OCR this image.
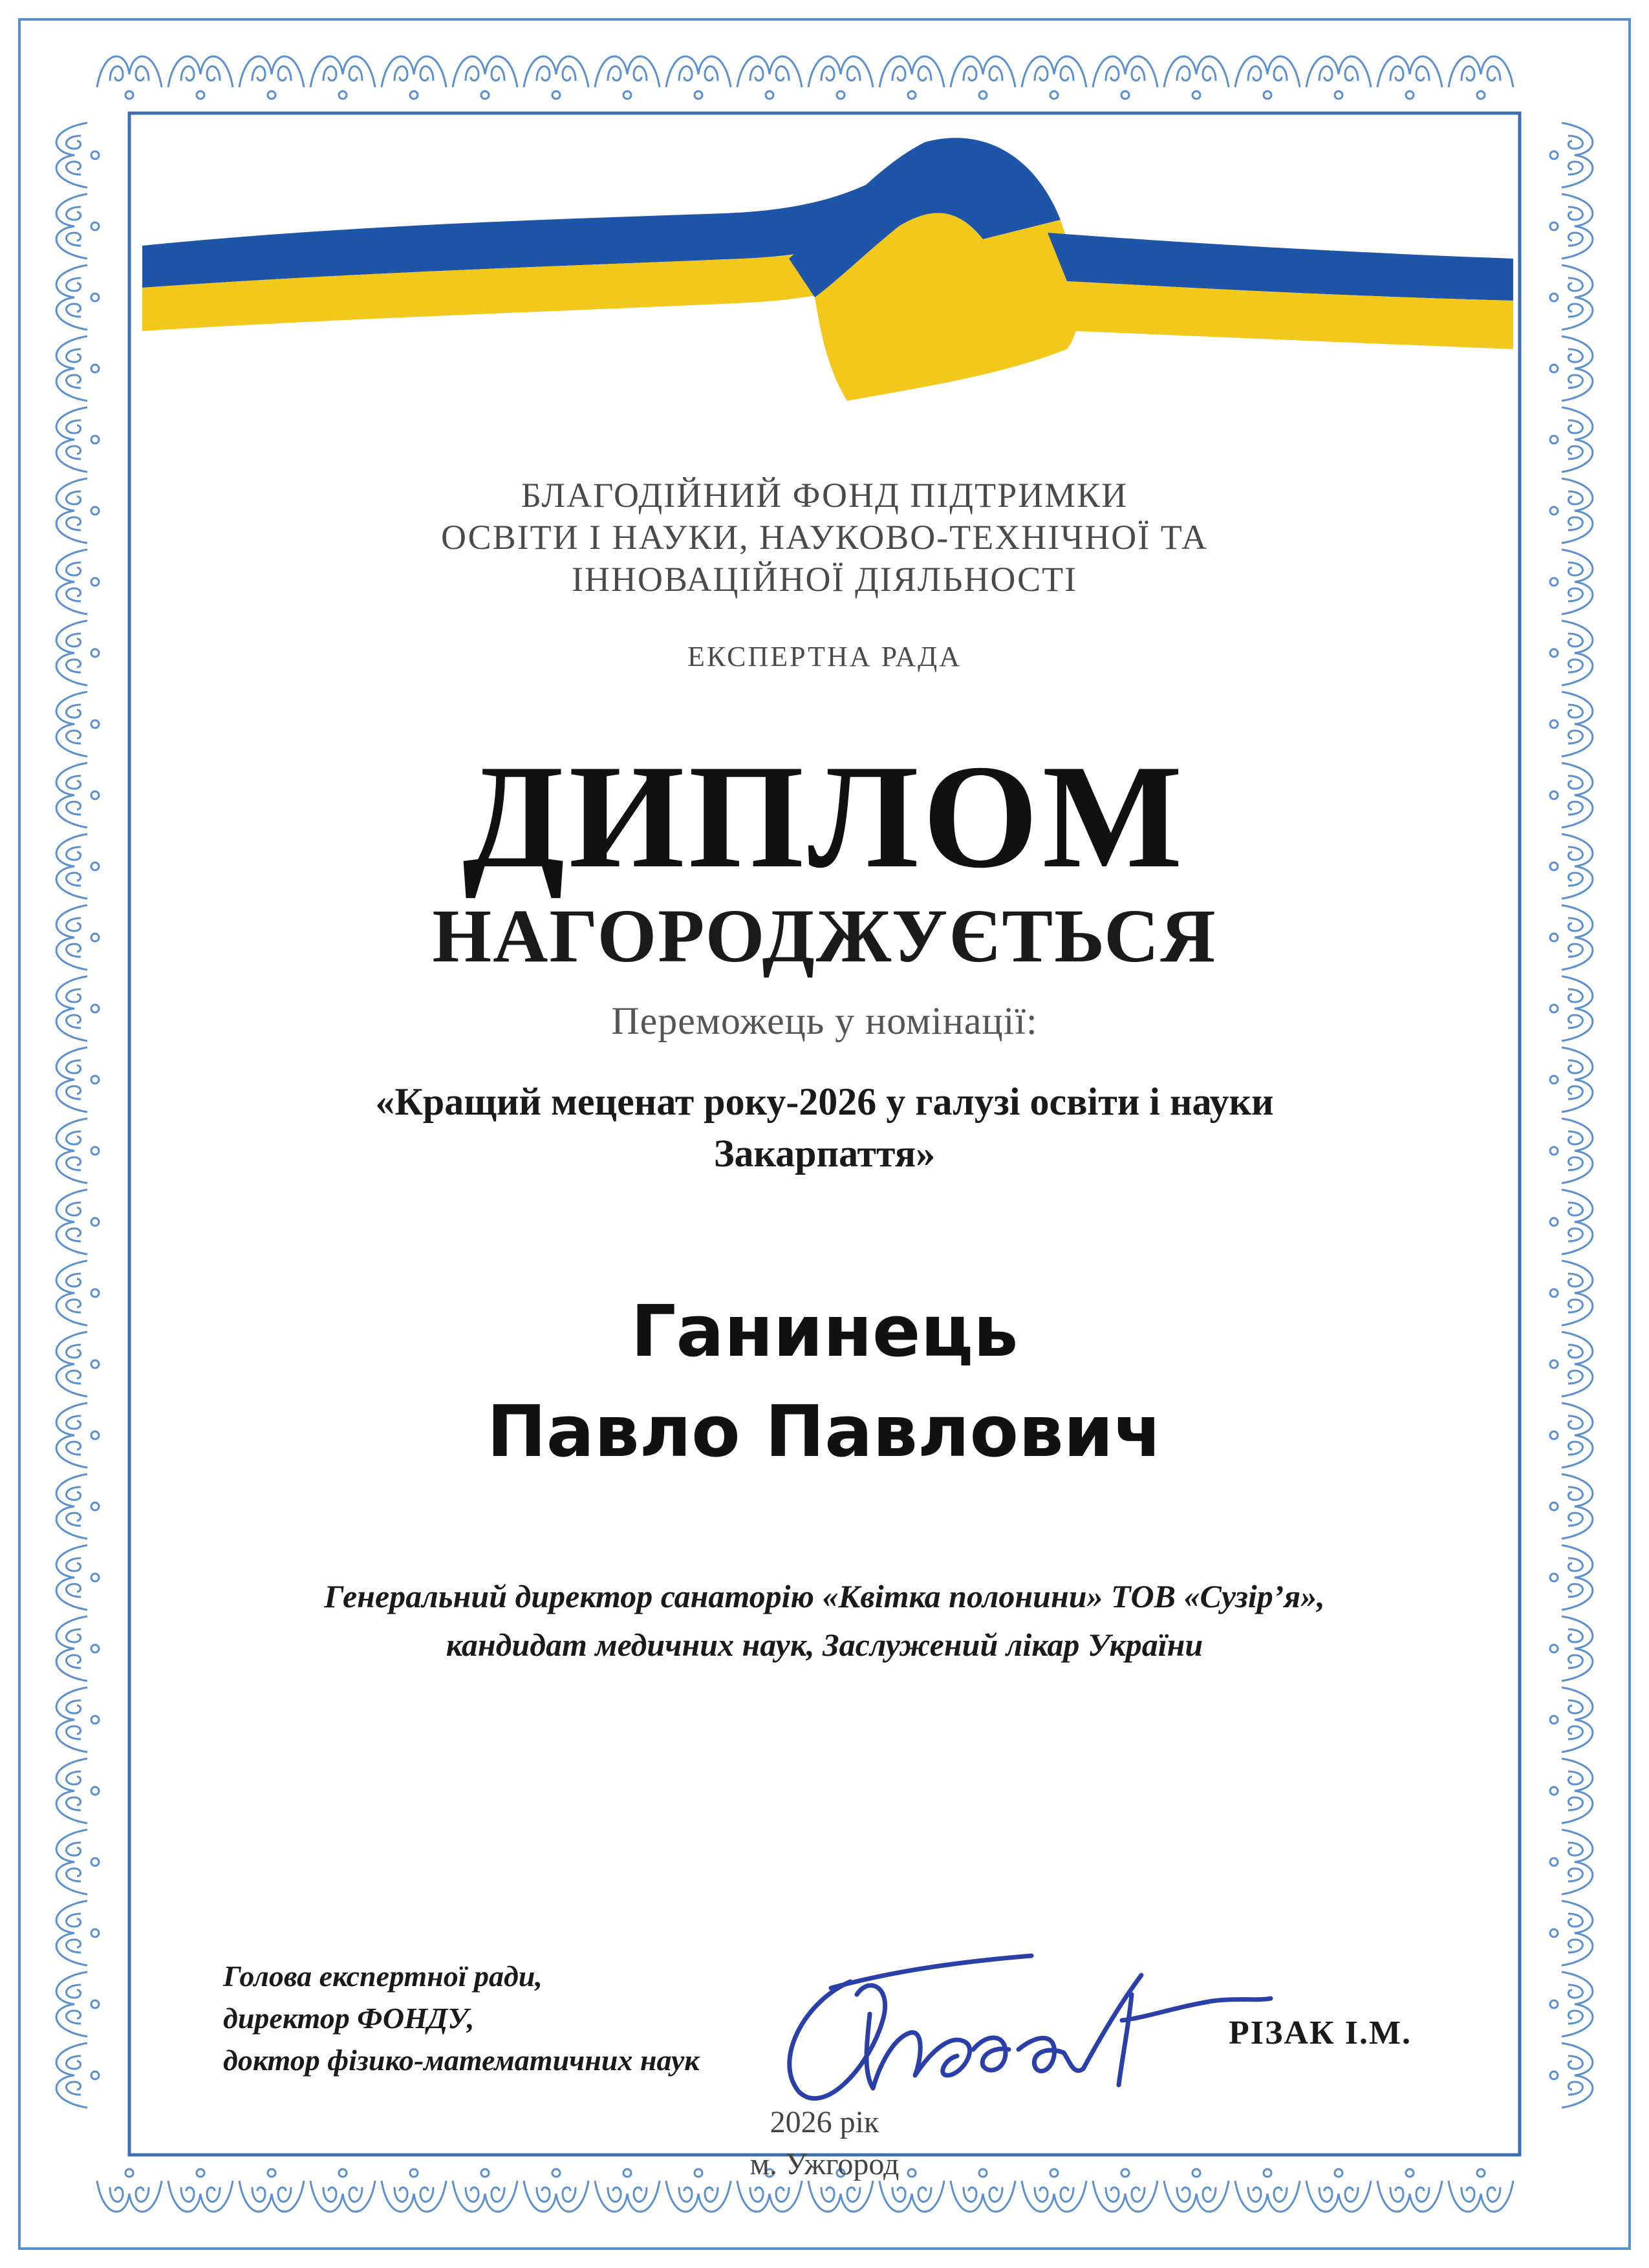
БЛАГОДІЙНИЙ ФОНД ПІДТРИМКИ
ОСВІТИ І НАУКИ, НАУКОВО-ТЕХНІЧНОЇ ТА
ІННОВАЦІЙНОЇ ДІЯЛЬНОСТІ
ЕКСПЕРТНА РАДА
ДИПЛОМ
НАГОРОДЖУЄТЬСЯ
Переможець у номінації:
«Кращий меценат року-2026 у галузі освіти і науки
Закарпаття»
Ганинець
Павло Павлович
Генеральний директор санаторію «Квітка полонини» ТОВ «Сузір’я»,
кандидат медичних наук, Заслужений лікар України
Голова експертної ради,
директор ФОНДУ,
доктор фізико-математичних наук
РІЗАК І.М.
2026 рік
м. Ужгород
